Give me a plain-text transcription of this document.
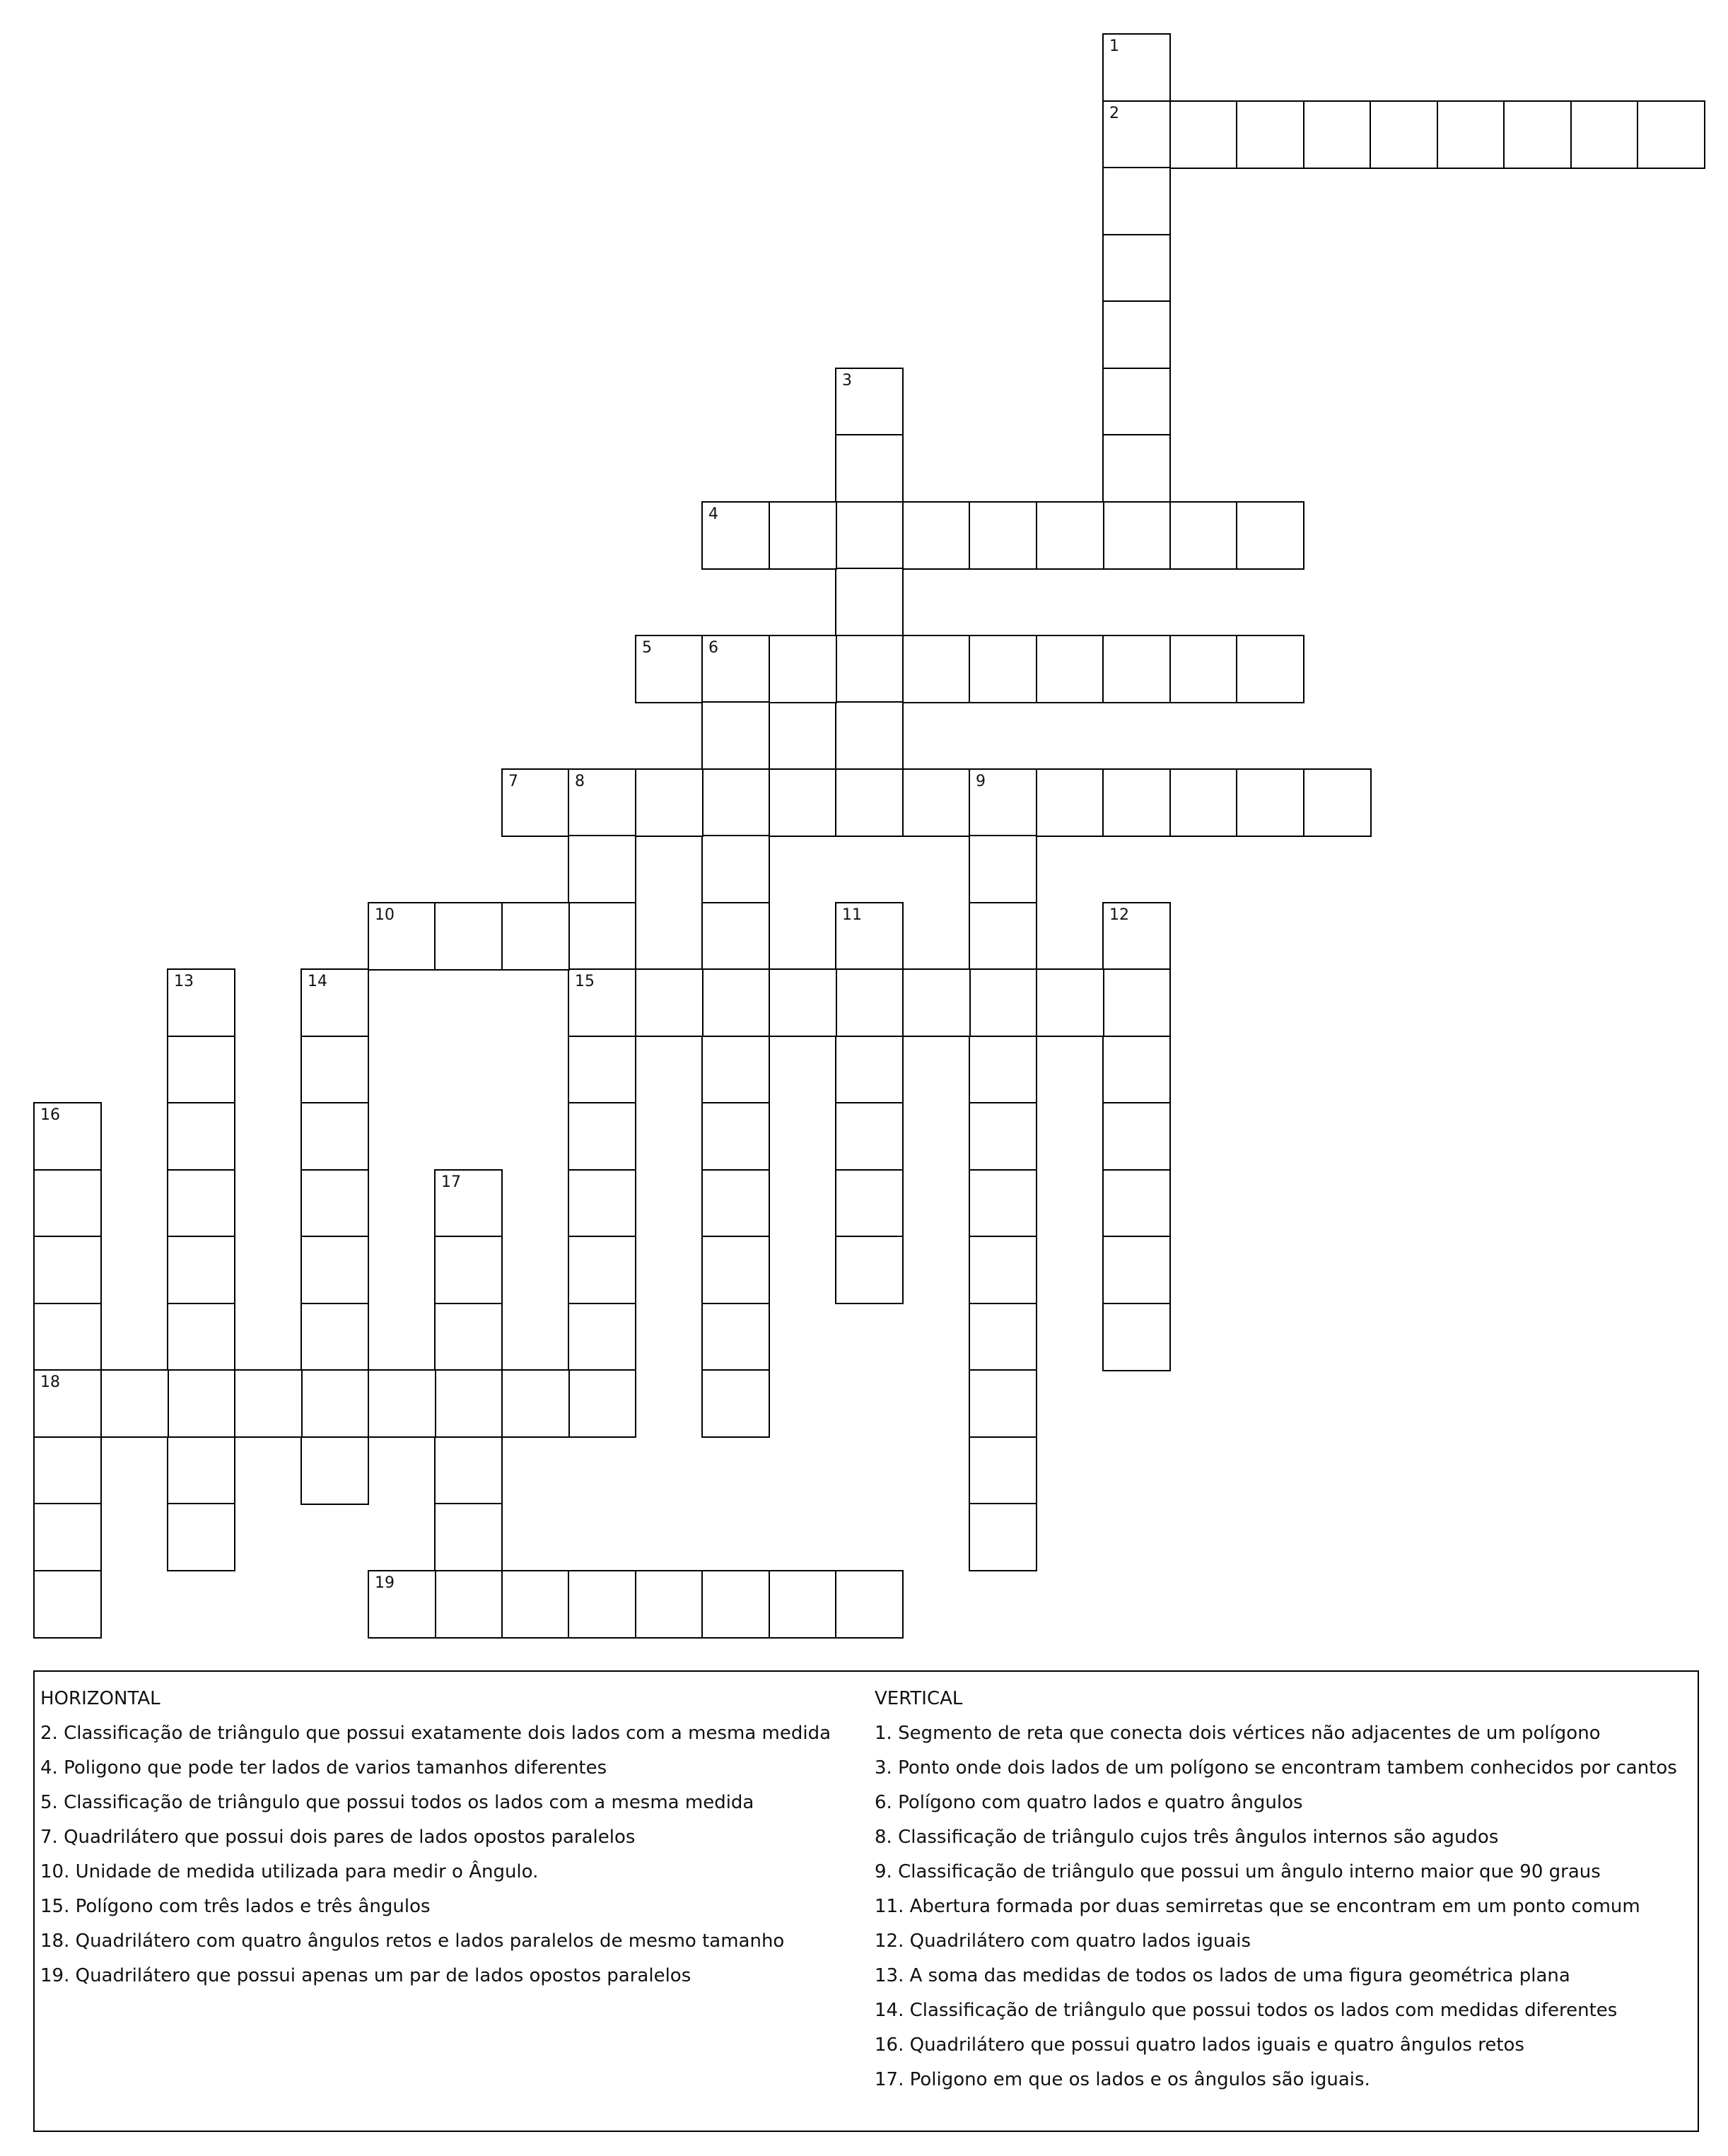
1
2
3
4
5	6
7	8	9
15
10	11	12
13	14
16
18
17
19
HORIZONTAL
2. Classificação de triângulo que possui exatamente dois lados com a mesma medida
4. Poligono que pode ter lados de varios tamanhos diferentes
5. Classificação de triângulo que possui todos os lados com a mesma medida
7. Quadrilátero que possui dois pares de lados opostos paralelos
10. Unidade de medida utilizada para medir o Ângulo.
15. Polígono com três lados e três ângulos
18. Quadrilátero com quatro ângulos retos e lados paralelos de mesmo tamanho
19. Quadrilátero que possui apenas um par de lados opostos paralelos
VERTICAL
1. Segmento de reta que conecta dois vértices não adjacentes de um polígono
3. Ponto onde dois lados de um polígono se encontram tambem conhecidos por cantos
6. Polígono com quatro lados e quatro ângulos
8. Classificação de triângulo cujos três ângulos internos são agudos
9. Classificação de triângulo que possui um ângulo interno maior que 90 graus
11. Abertura formada por duas semirretas que se encontram em um ponto comum
12. Quadrilátero com quatro lados iguais
13. A soma das medidas de todos os lados de uma figura geométrica plana
14. Classificação de triângulo que possui todos os lados com medidas diferentes
16. Quadrilátero que possui quatro lados iguais e quatro ângulos retos
17. Poligono em que os lados e os ângulos são iguais.
